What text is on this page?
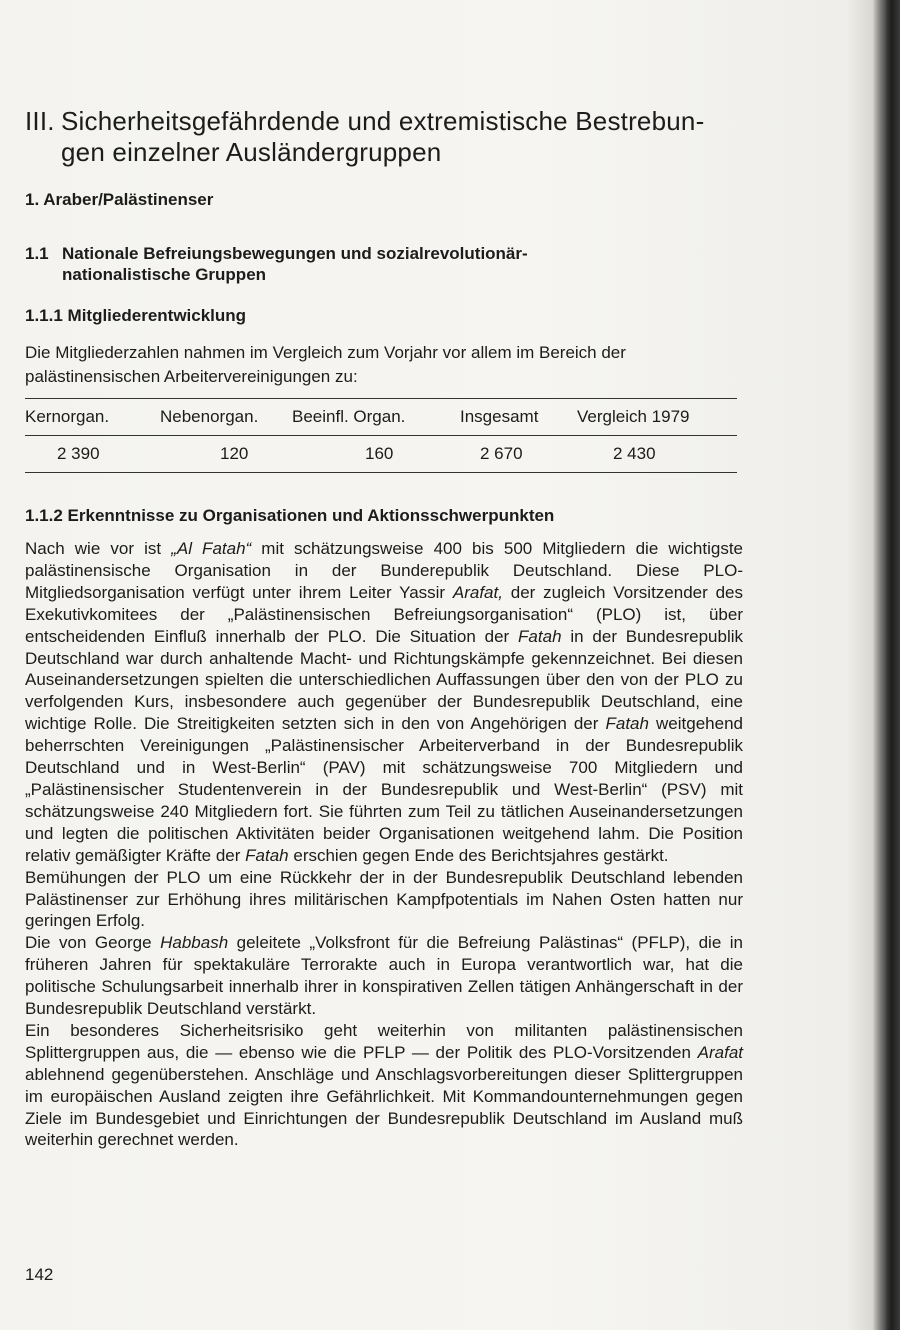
III. Sicherheitsgefährdende und extremistische Bestrebun-
gen einzelner Ausländergruppen
1. Araber/Palästinenser
1.1 Nationale Befreiungsbewegungen und sozialrevolutionär-
nationalistische Gruppen
1.1.1 Mitgliederentwicklung
Die Mitgliederzahlen nahmen im Vergleich zum Vorjahr vor allem im Bereich der
palästinensischen Arbeitervereinigungen zu:
Kernorgan.	Nebenorgan.	Beeinfl. Organ.	Insgesamt	Vergleich 1979
2 390	120	160	2 670	2 430
1.1.2 Erkenntnisse zu Organisationen und Aktionsschwerpunkten

Nach wie vor ist „Al Fatah“ mit schätzungsweise 400 bis 500 Mitgliedern die wichtigste palästinensische Organisation in der Bunderepublik Deutschland. Diese PLO-Mitgliedsorganisation verfügt unter ihrem Leiter Yassir Arafat, der zugleich Vorsitzender des Exekutivkomitees der „Palästinensischen Befreiungsorganisation“ (PLO) ist, über entscheidenden Einfluß innerhalb der PLO. Die Situation der Fatah in der Bundesrepublik Deutschland war durch anhaltende Macht- und Richtungskämpfe gekennzeichnet. Bei diesen Auseinandersetzungen spielten die unterschiedlichen Auffassungen über den von der PLO zu verfolgenden Kurs, insbesondere auch gegenüber der Bundesrepublik Deutschland, eine wichtige Rolle. Die Streitigkeiten setzten sich in den von Angehörigen der Fatah weitgehend beherrschten Vereinigungen „Palästinensischer Arbeiterverband in der Bundesrepublik Deutschland und in West-Berlin“ (PAV) mit schätzungsweise 700 Mitgliedern und „Palästinensischer Studentenverein in der Bundesrepublik und West-Berlin“ (PSV) mit schätzungsweise 240 Mitgliedern fort. Sie führten zum Teil zu tätlichen Auseinandersetzungen und legten die politischen Aktivitäten beider Organisationen weitgehend lahm. Die Position relativ gemäßigter Kräfte der Fatah erschien gegen Ende des Berichtsjahres gestärkt.

Bemühungen der PLO um eine Rückkehr der in der Bundesrepublik Deutschland lebenden Palästinenser zur Erhöhung ihres militärischen Kampfpotentials im Nahen Osten hatten nur geringen Erfolg.

Die von George Habbash geleitete „Volksfront für die Befreiung Palästinas“ (PFLP), die in früheren Jahren für spektakuläre Terrorakte auch in Europa verantwortlich war, hat die politische Schulungsarbeit innerhalb ihrer in konspirativen Zellen tätigen Anhängerschaft in der Bundesrepublik Deutschland verstärkt.

Ein besonderes Sicherheitsrisiko geht weiterhin von militanten palästinensischen Splittergruppen aus, die — ebenso wie die PFLP — der Politik des PLO-Vorsitzenden Arafat ablehnend gegenüberstehen. Anschläge und Anschlagsvorbereitungen dieser Splittergruppen im europäischen Ausland zeigten ihre Gefährlichkeit. Mit Kommandounternehmungen gegen Ziele im Bundesgebiet und Einrichtungen der Bundesrepublik Deutschland im Ausland muß weiterhin gerechnet werden.

142
